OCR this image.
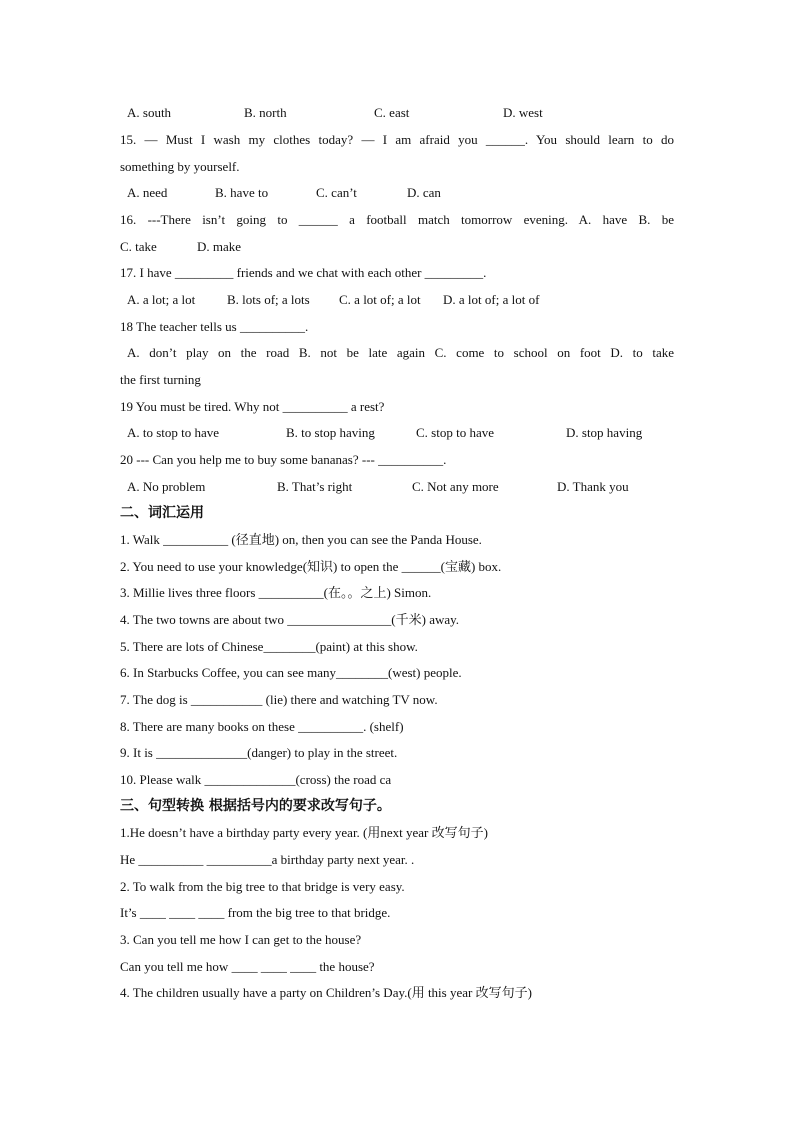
A. south	B. north	C. east	D. west
15. — Must I wash my clothes today? — I am afraid you ______. You should learn to do
something by yourself.
A. need	B. have to	C. can’t	D. can
16. ---There isn’t going to ______ a football match tomorrow evening. A. have B. be
C. take	D. make
17. I have _________ friends and we chat with each other _________.
A. a lot; a lot B. lots of; a lots C. a lot of; a lot D. a lot of; a lot of
18 The teacher tells us __________.
A. don’t play on the road B. not be late again C. come to school on foot D. to take
the first turning
19 You must be tired. Why not __________ a rest?
A. to stop to have	B. to stop having	C. stop to have	D. stop having
20 --- Can you help me to buy some bananas? --- __________.
A. No problem	B. That’s right	C. Not any more	D. Thank you
二、词汇运用
1. Walk __________ (径直地) on, then you can see the Panda House.
2. You need to use your knowledge(知识) to open the ______(宝藏) box.
3. Millie lives three floors __________(在。。之上) Simon.
4. The two towns are about two ________________(千米) away.
5. There are lots of Chinese________(paint) at this show.
6. In Starbucks Coffee, you can see many________(west) people.
7. The dog is ___________ (lie) there and watching TV now.
8. There are many books on these __________. (shelf)
9. It is ______________(danger) to play in the street.
10. Please walk ______________(cross) the road ca
三、句型转换 根据括号内的要求改写句子。
1.He doesn’t have a birthday party every year. (用next year 改写句子)
He __________ __________a birthday party next year. .
2. To walk from the big tree to that bridge is very easy.
It’s ____ ____ ____ from the big tree to that bridge.
3. Can you tell me how I can get to the house?
Can you tell me how ____ ____ ____ the house?
4. The children usually have a party on Children’s Day.(用 this year 改写句子)
